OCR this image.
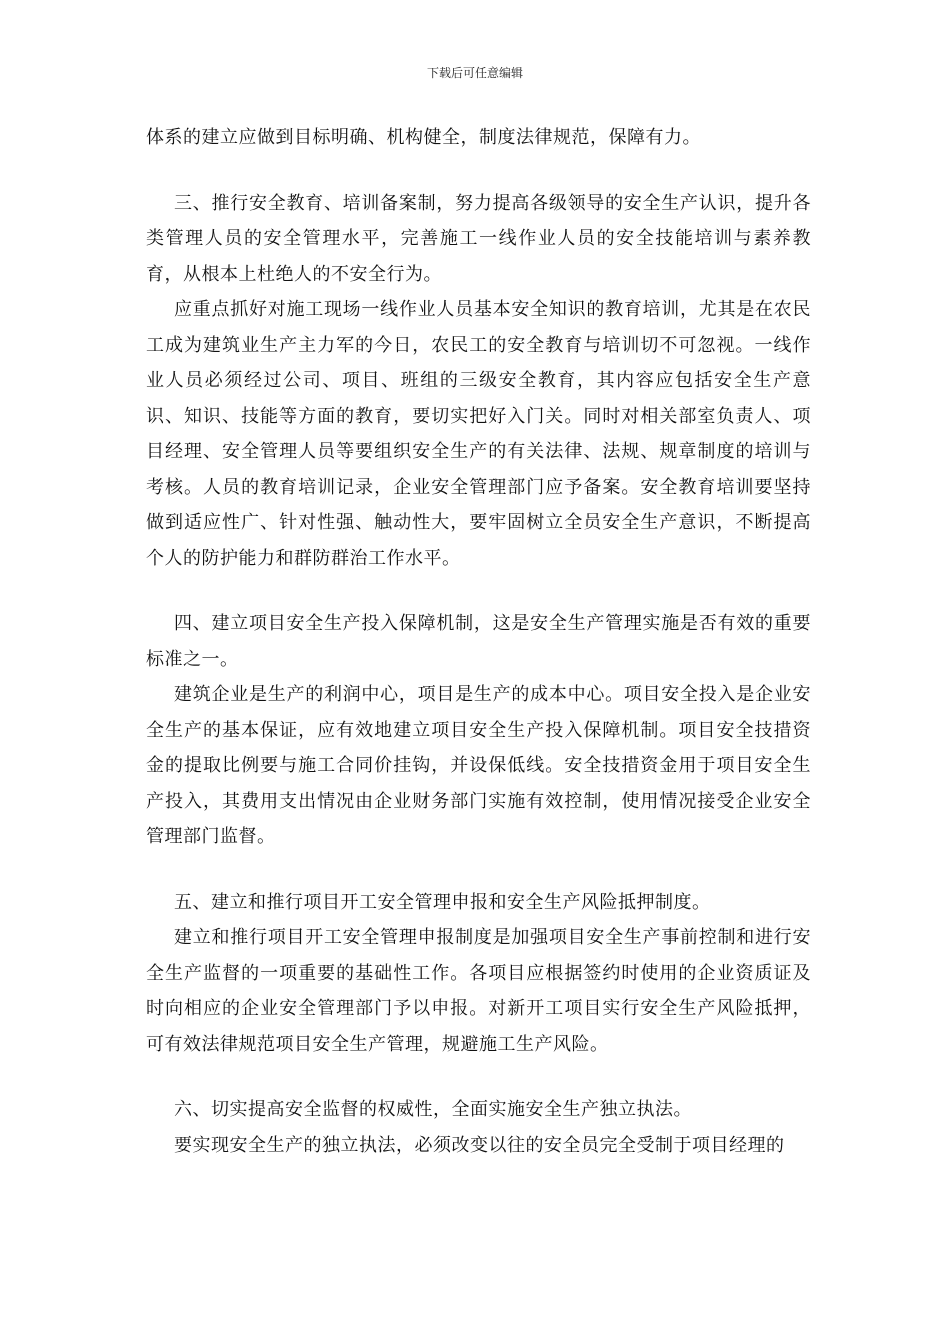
下载后可任意编辑

体系的建立应做到目标明确、机构健全，制度法律规范，保障有力。

三、推行安全教育、培训备案制，努力提高各级领导的安全生产认识，提升各类管理人员的安全管理水平，完善施工一线作业人员的安全技能培训与素养教育，从根本上杜绝人的不安全行为。

应重点抓好对施工现场一线作业人员基本安全知识的教育培训，尤其是在农民工成为建筑业生产主力军的今日，农民工的安全教育与培训切不可忽视。一线作业人员必须经过公司、项目、班组的三级安全教育，其内容应包括安全生产意识、知识、技能等方面的教育，要切实把好入门关。同时对相关部室负责人、项目经理、安全管理人员等要组织安全生产的有关法律、法规、规章制度的培训与考核。人员的教育培训记录，企业安全管理部门应予备案。安全教育培训要坚持做到适应性广、针对性强、触动性大，要牢固树立全员安全生产意识，不断提高个人的防护能力和群防群治工作水平。

四、建立项目安全生产投入保障机制，这是安全生产管理实施是否有效的重要标准之一。

建筑企业是生产的利润中心，项目是生产的成本中心。项目安全投入是企业安全生产的基本保证，应有效地建立项目安全生产投入保障机制。项目安全技措资金的提取比例要与施工合同价挂钩，并设保低线。安全技措资金用于项目安全生产投入，其费用支出情况由企业财务部门实施有效控制，使用情况接受企业安全管理部门监督。

五、建立和推行项目开工安全管理申报和安全生产风险抵押制度。

建立和推行项目开工安全管理申报制度是加强项目安全生产事前控制和进行安全生产监督的一项重要的基础性工作。各项目应根据签约时使用的企业资质证及时向相应的企业安全管理部门予以申报。对新开工项目实行安全生产风险抵押，可有效法律规范项目安全生产管理，规避施工生产风险。

六、切实提高安全监督的权威性，全面实施安全生产独立执法。

要实现安全生产的独立执法，必须改变以往的安全员完全受制于项目经理的
